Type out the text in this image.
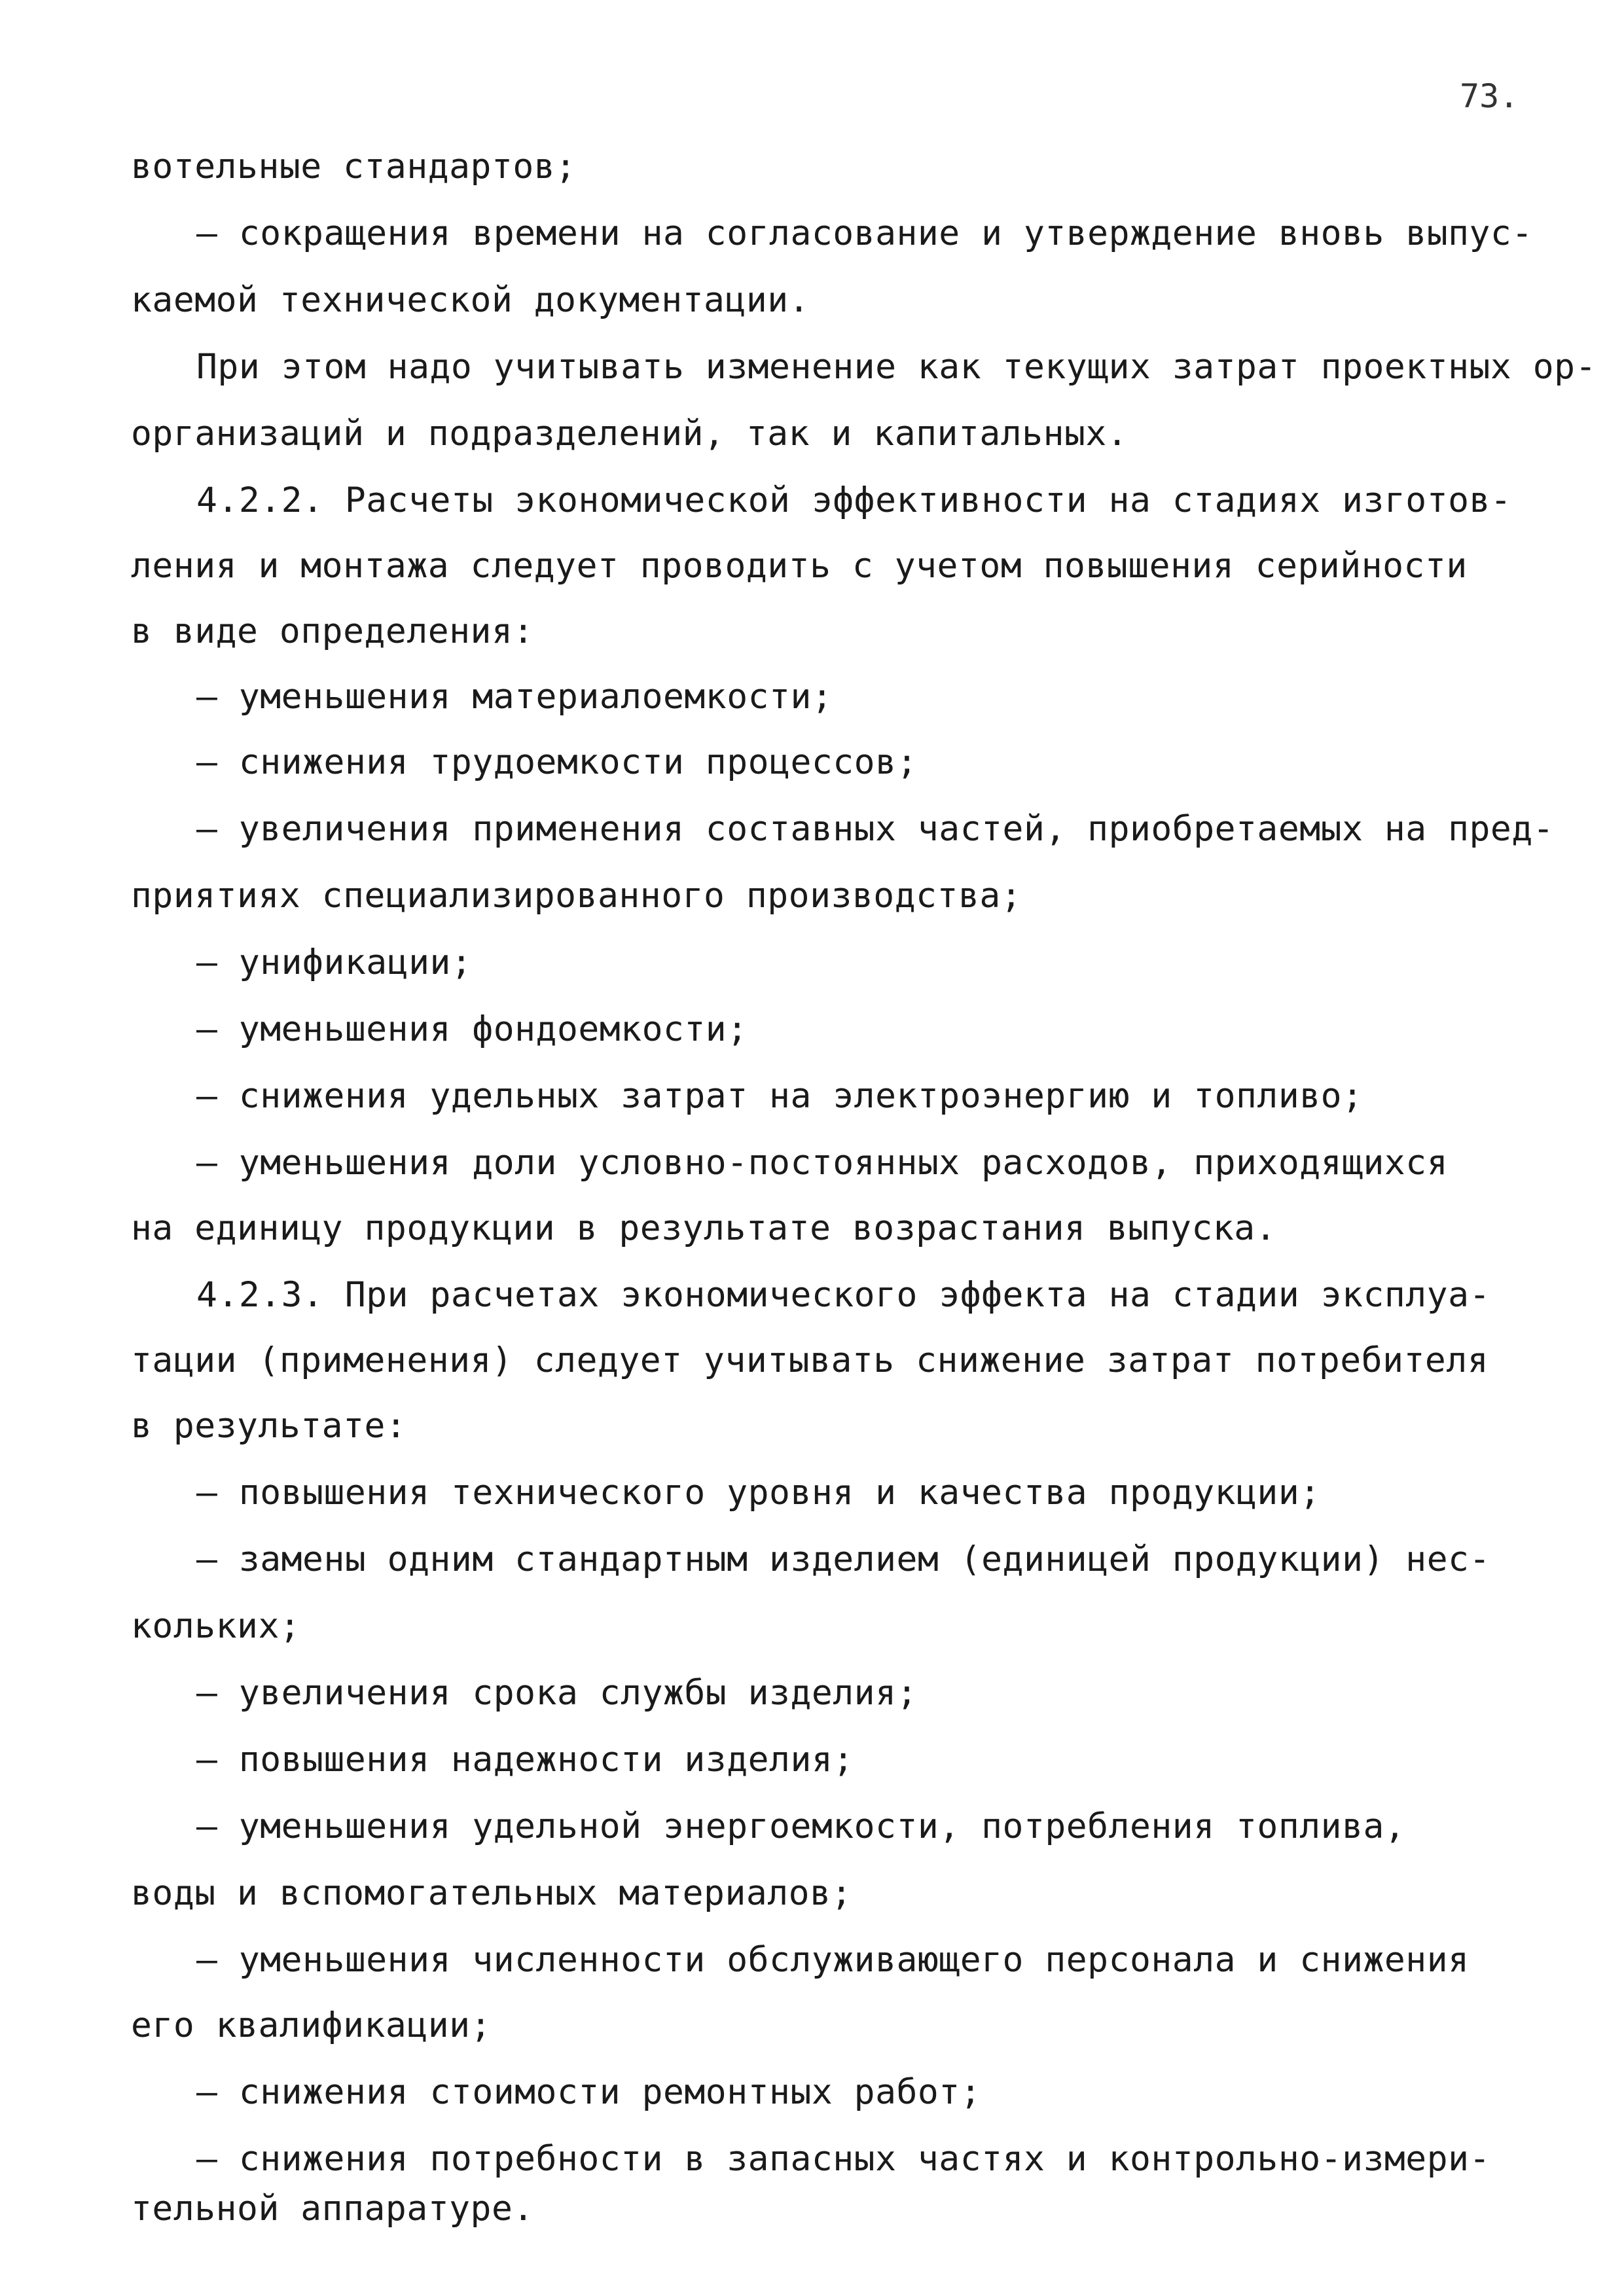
73.
вотельные стандартов;
– сокращения времени на согласование и утверждение вновь выпус-
каемой технической документации.
При этом надо учитывать изменение как текущих затрат проектных ор-
организаций и подразделений, так и капитальных.
4.2.2. Расчеты экономической эффективности на стадиях изготов-
ления и монтажа следует проводить с учетом повышения серийности
в виде определения:
– уменьшения материалоемкости;
– снижения трудоемкости процессов;
– увеличения применения составных частей, приобретаемых на пред-
приятиях специализированного производства;
– унификации;
– уменьшения фондоемкости;
– снижения удельных затрат на электроэнергию и топливо;
– уменьшения доли условно-постоянных расходов, приходящихся
на единицу продукции в результате возрастания выпуска.
4.2.3. При расчетах экономического эффекта на стадии эксплуа-
тации (применения) следует учитывать снижение затрат потребителя
в результате:
– повышения технического уровня и качества продукции;
– замены одним стандартным изделием (единицей продукции) нес-
кольких;
– увеличения срока службы изделия;
– повышения надежности изделия;
– уменьшения удельной энергоемкости, потребления топлива,
воды и вспомогательных материалов;
– уменьшения численности обслуживающего персонала и снижения
его квалификации;
– снижения стоимости ремонтных работ;
– снижения потребности в запасных частях и контрольно-измери-
тельной аппаратуре.
